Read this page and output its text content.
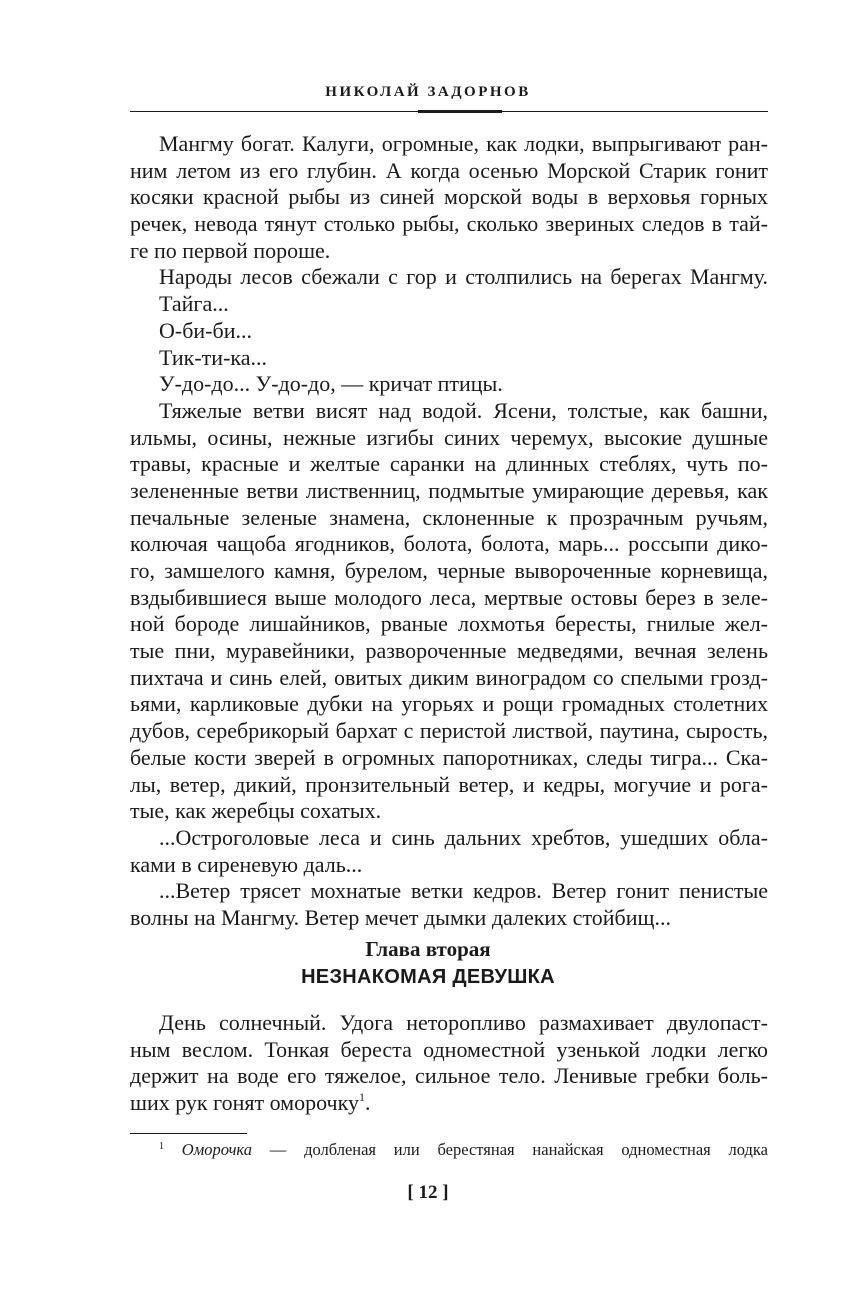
НИКОЛАЙ ЗАДОРНОВ
Мангму богат. Калуги, огромные, как лодки, выпрыгивают ран-
ним летом из его глубин. А когда осенью Морской Старик гонит
косяки красной рыбы из синей морской воды в верховья горных
речек, невода тянут столько рыбы, сколько звериных следов в тай-
ге по первой пороше.
Народы лесов сбежали с гор и столпились на берегах Мангму.
Тайга...
О-би-би...
Тик-ти-ка...
У-до-до... У-до-до, — кричат птицы.
Тяжелые ветви висят над водой. Ясени, толстые, как башни,
ильмы, осины, нежные изгибы синих черемух, высокие душные
травы, красные и желтые саранки на длинных стеблях, чуть по-
зелененные ветви лиственниц, подмытые умирающие деревья, как
печальные зеленые знамена, склоненные к прозрачным ручьям,
колючая чащоба ягодников, болота, болота, марь... россыпи дико-
го, замшелого камня, бурелом, черные вывороченные корневища,
вздыбившиеся выше молодого леса, мертвые остовы берез в зеле-
ной бороде лишайников, рваные лохмотья бересты, гнилые жел-
тые пни, муравейники, развороченные медведями, вечная зелень
пихтача и синь елей, овитых диким виноградом со спелыми грозд-
ьями, карликовые дубки на угорьях и рощи громадных столетних
дубов, серебрикорый бархат с перистой листвой, паутина, сырость,
белые кости зверей в огромных папоротниках, следы тигра... Ска-
лы, ветер, дикий, пронзительный ветер, и кедры, могучие и рога-
тые, как жеребцы сохатых.
...Остроголовые леса и синь дальних хребтов, ушедших обла-
ками в сиреневую даль...
...Ветер трясет мохнатые ветки кедров. Ветер гонит пенистые
волны на Мангму. Ветер мечет дымки далеких стойбищ...
Глава вторая
НЕЗНАКОМАЯ ДЕВУШКА
День солнечный. Удога неторопливо размахивает двулопаст-
ным веслом. Тонкая береста одноместной узенькой лодки легко
держит на воде его тяжелое, сильное тело. Ленивые гребки боль-
ших рук гонят оморочку$^1$.
$^1$ Оморочка — долбленая или берестяная нанайская одноместная лодка
[ 12 ]
